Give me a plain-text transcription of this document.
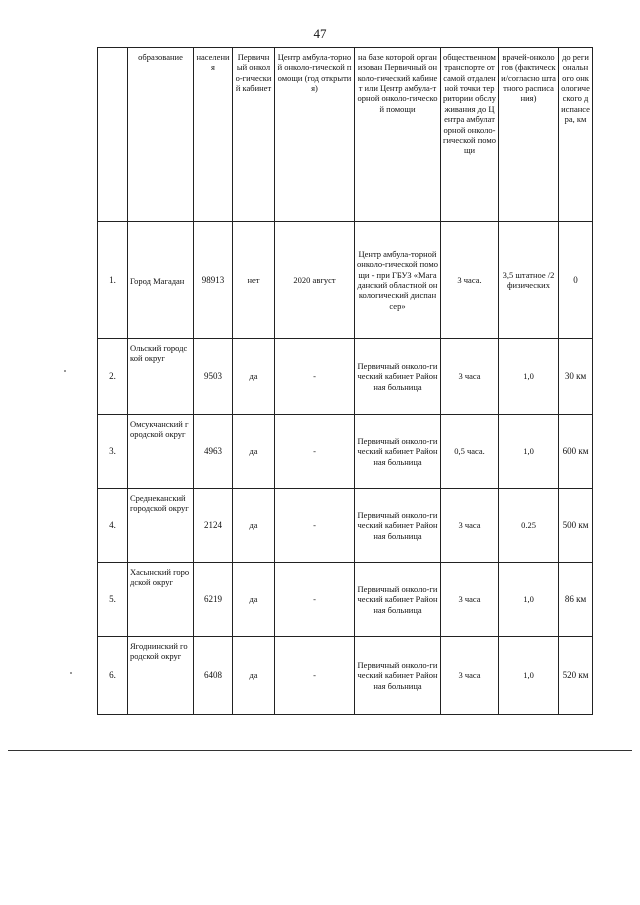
47
	образование	населения	Первичный онколо-гический кабинет	Центр амбула-торной онколо-гической помощи (год открытия)	на базе которой организован Первичный онколо-гический кабинет или Центр амбула-торной онколо-гической помощи	общественном транспорте от самой отдаленной точки территории обслуживания до Центра амбулаторной онколо-гической помощи	врачей-онкологов (фактически/согласно штатного расписания)	до регионального онкологического диспансера, км
1.	Город Магадан	98913	нет	2020 август	Центр амбула-торной онколо-гической помощи - при ГБУЗ «Магаданский областной онкологический диспансер»	3 часа.	3,5 штатное /2 физических	0
2.	Ольский городской округ	9503	да	-	Первичный онколо-гический кабинет Районная больница	3 часа	1,0	30 км
3.	Омсукчанский городской округ	4963	да	-	Первичный онколо-гический кабинет Районная больница	0,5 часа.	1,0	600 км
4.	Среднеканский городской округ	2124	да	-	Первичный онколо-гический кабинет Районная больница	3 часа	0.25	500 км
5.	Хасынский городской округ	6219	да	-	Первичный онколо-гический кабинет Районная больница	3 часа	1,0	86 км
6.	Ягоднинский городской округ	6408	да	-	Первичный онколо-гический кабинет Районная больница	3 часа	1,0	520 км
